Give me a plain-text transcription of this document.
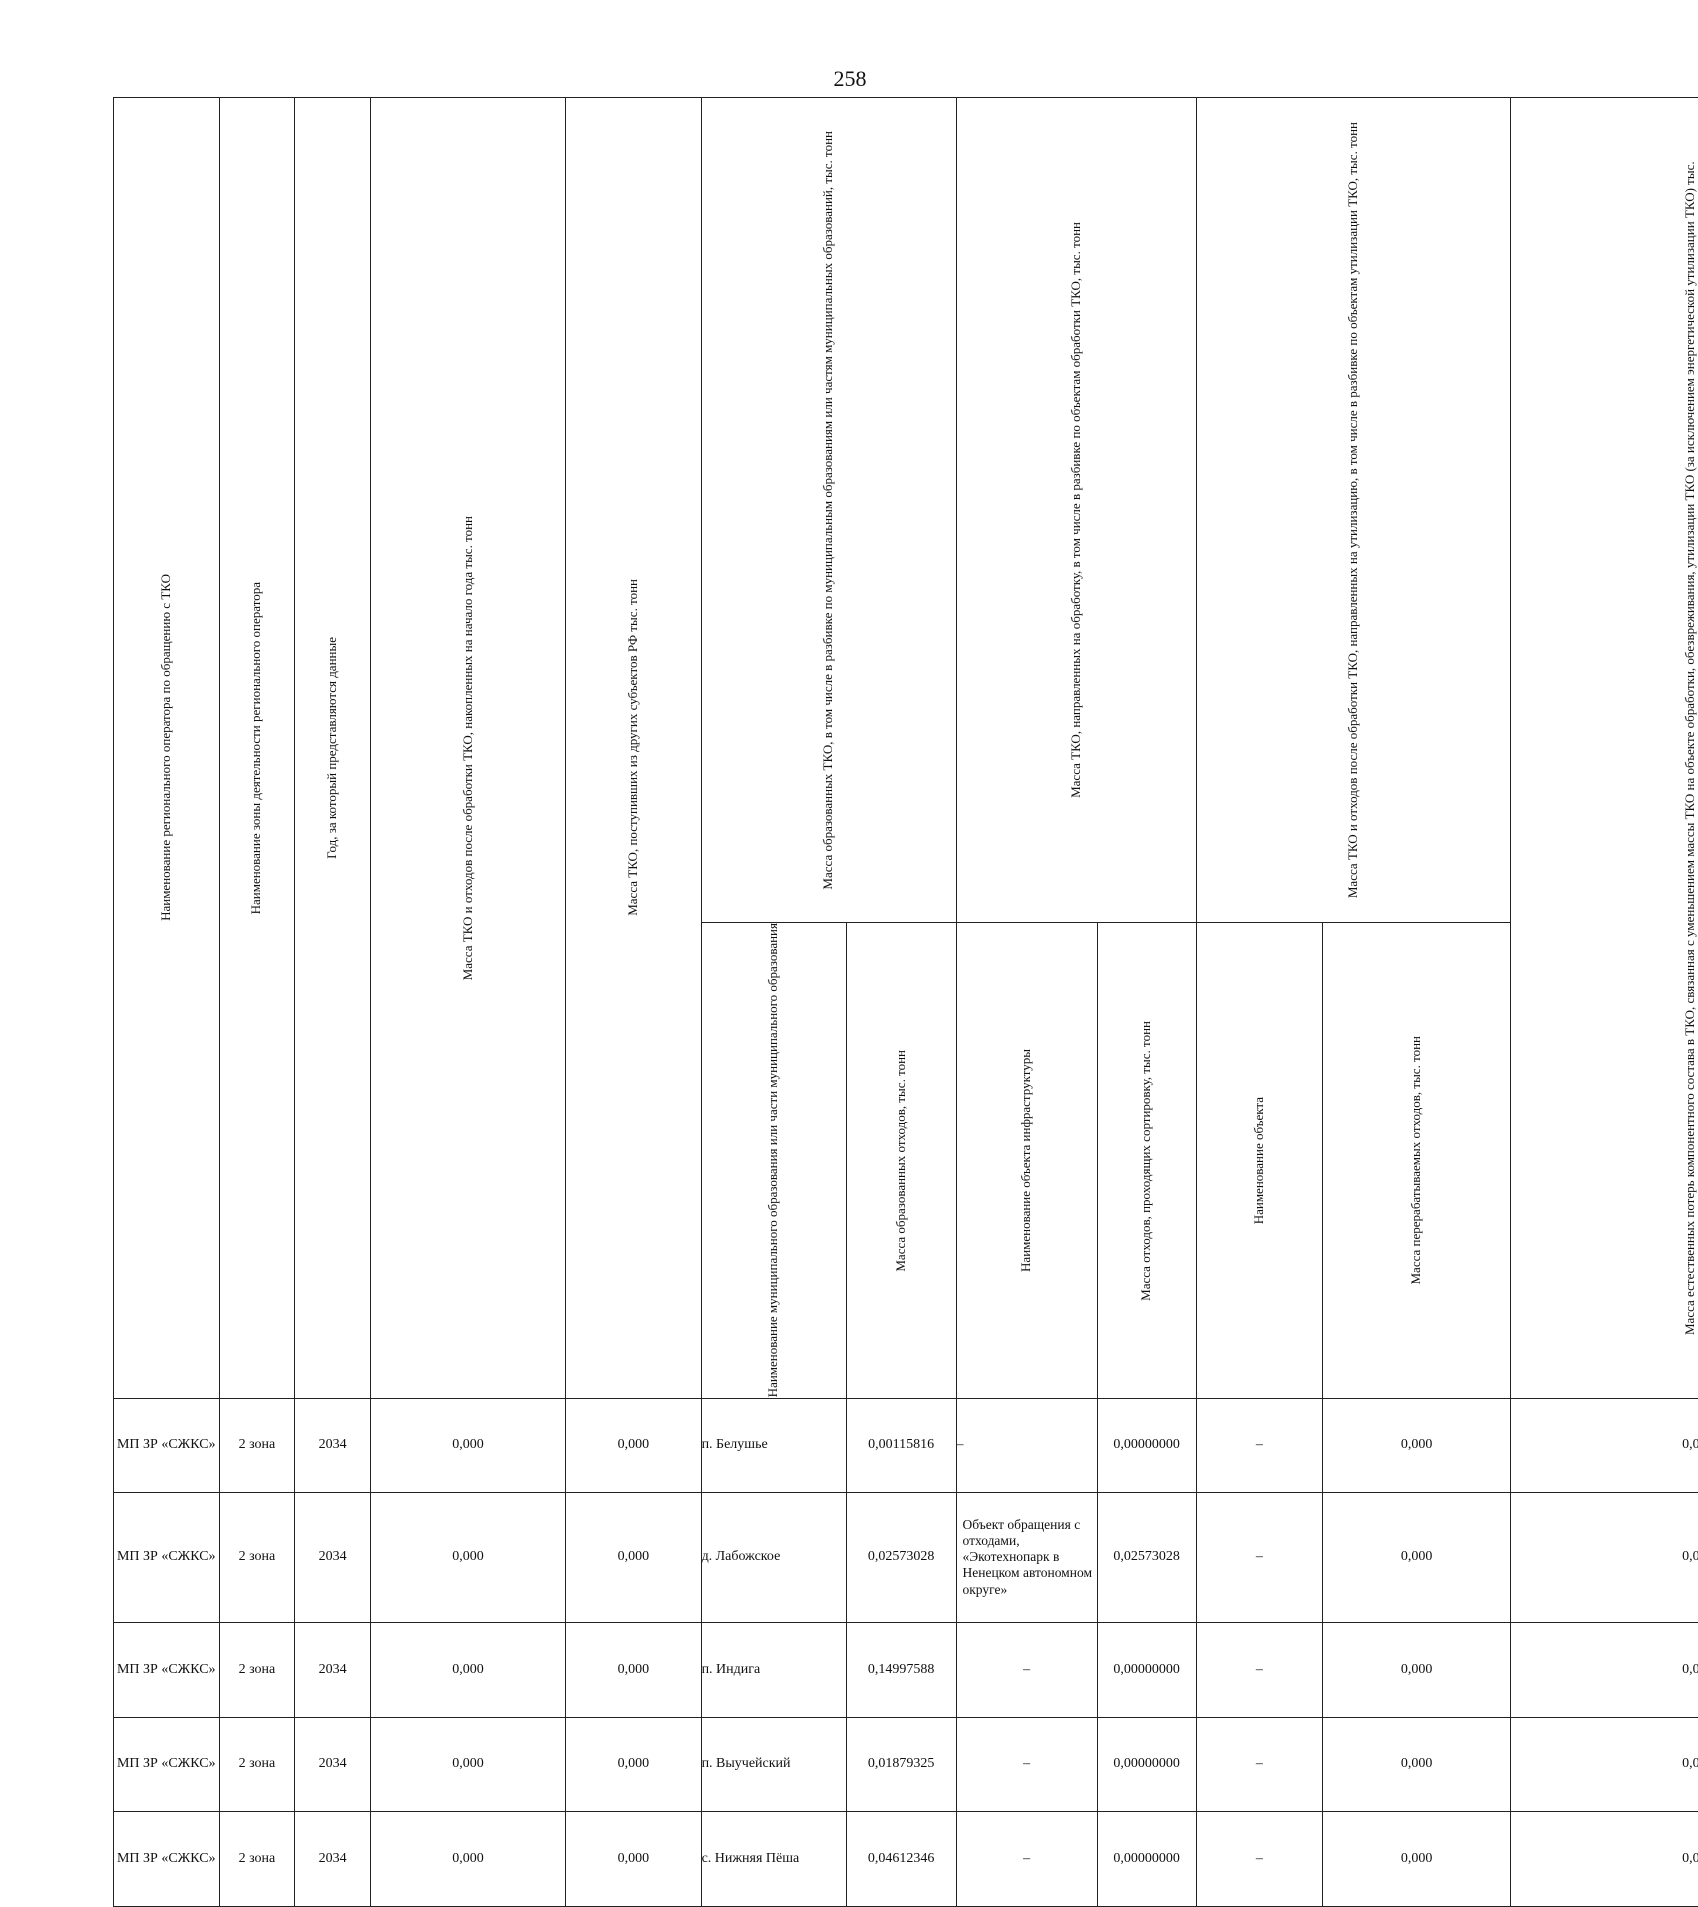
258
Наименование регионального оператора по обращению с ТКО	Наименование зоны деятельности регионального оператора	Год, за который представляются данные	Масса ТКО и отходов после обработки ТКО, накопленных на начало года тыс. тонн	Масса ТКО, поступивших из других субъектов РФ тыс. тонн	Масса образованных ТКО, в том числе в разбивке по муниципальным образованиям или частям муниципальных образований, тыс. тонн		Масса ТКО, направленных на обработку, в том числе в разбивке по объектам обработки ТКО, тыс. тонн		Масса ТКО и отходов после обработки ТКО, направленных на утилизацию, в том числе в разбивке по объектам утилизации ТКО, тыс. тонн		Масса естественных потерь компонентного состава в ТКО, связанная с уменьшением массы ТКО на объекте обработки, обезвреживания, утилизации ТКО (за исключением энергетической утилизации ТКО) тыс. тонн

					Наименование муниципального образования или части муниципального образования	Масса образованных отходов, тыс. тонн	Наименование объекта инфраструктуры	Масса отходов, проходящих сортировку, тыс. тонн	Наименование объекта	Масса перерабатываемых отходов, тыс. тонн

МП ЗР «СЖКС»	2 зона	2034	0,000	0,000	п. Белушье	0,00115816	–	0,00000000	–	0,000	0,				
МП ЗР «СЖКС»	2 зона	2034	0,000	0,000	д. Лабожское	0,02573028	Объект обращения с отходами, «Экотехнопарк в Ненецком автономном округе»	0,02573028	–	0,000	0,				
МП ЗР «СЖКС»	2 зона	2034	0,000	0,000	п. Индига	0,14997588	–	0,00000000	–	0,000	0,				
МП ЗР «СЖКС»	2 зона	2034	0,000	0,000	п. Выучейский	0,01879325	–	0,00000000	–	0,000	0,				
МП ЗР «СЖКС»	2 зона	2034	0,000	0,000	с. Нижняя Пёша	0,04612346	–	0,00000000	–	0,000	0,				
